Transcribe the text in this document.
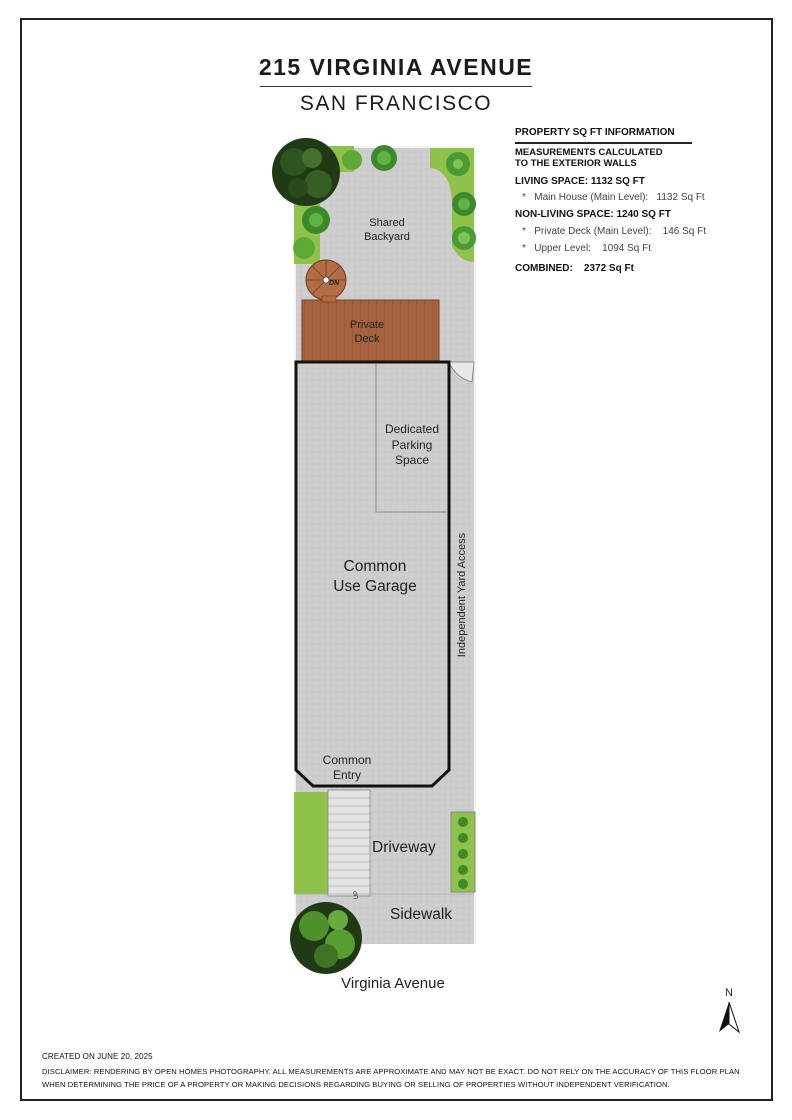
215 VIRGINIA AVENUE
SAN FRANCISCO
PROPERTY SQ FT INFORMATION
MEASUREMENTS CALCULATED
TO THE EXTERIOR WALLS
LIVING SPACE: 1132 SQ FT
* Main House (Main Level): 1132 Sq Ft
NON-LIVING SPACE: 1240 SQ FT
* Private Deck (Main Level): 146 Sq Ft
* Upper Level: 1094 Sq Ft
COMBINED: 2372 Sq Ft
Shared
Backyard
DN
Private
Deck
Dedicated
Parking
Space
Common
Use Garage	Independent Yard Access
Common
Entry
UP
Driveway
Sidewalk
Virginia Avenue
N
CREATED ON JUNE 20, 2025
DISCLAIMER: RENDERING BY OPEN HOMES PHOTOGRAPHY. ALL MEASUREMENTS ARE APPROXIMATE AND MAY NOT BE EXACT. DO NOT RELY ON THE ACCURACY OF THIS FLOOR PLAN
WHEN DETERMINING THE PRICE OF A PROPERTY OR MAKING DECISIONS REGARDING BUYING OR SELLING OF PROPERTIES WITHOUT INDEPENDENT VERIFICATION.
